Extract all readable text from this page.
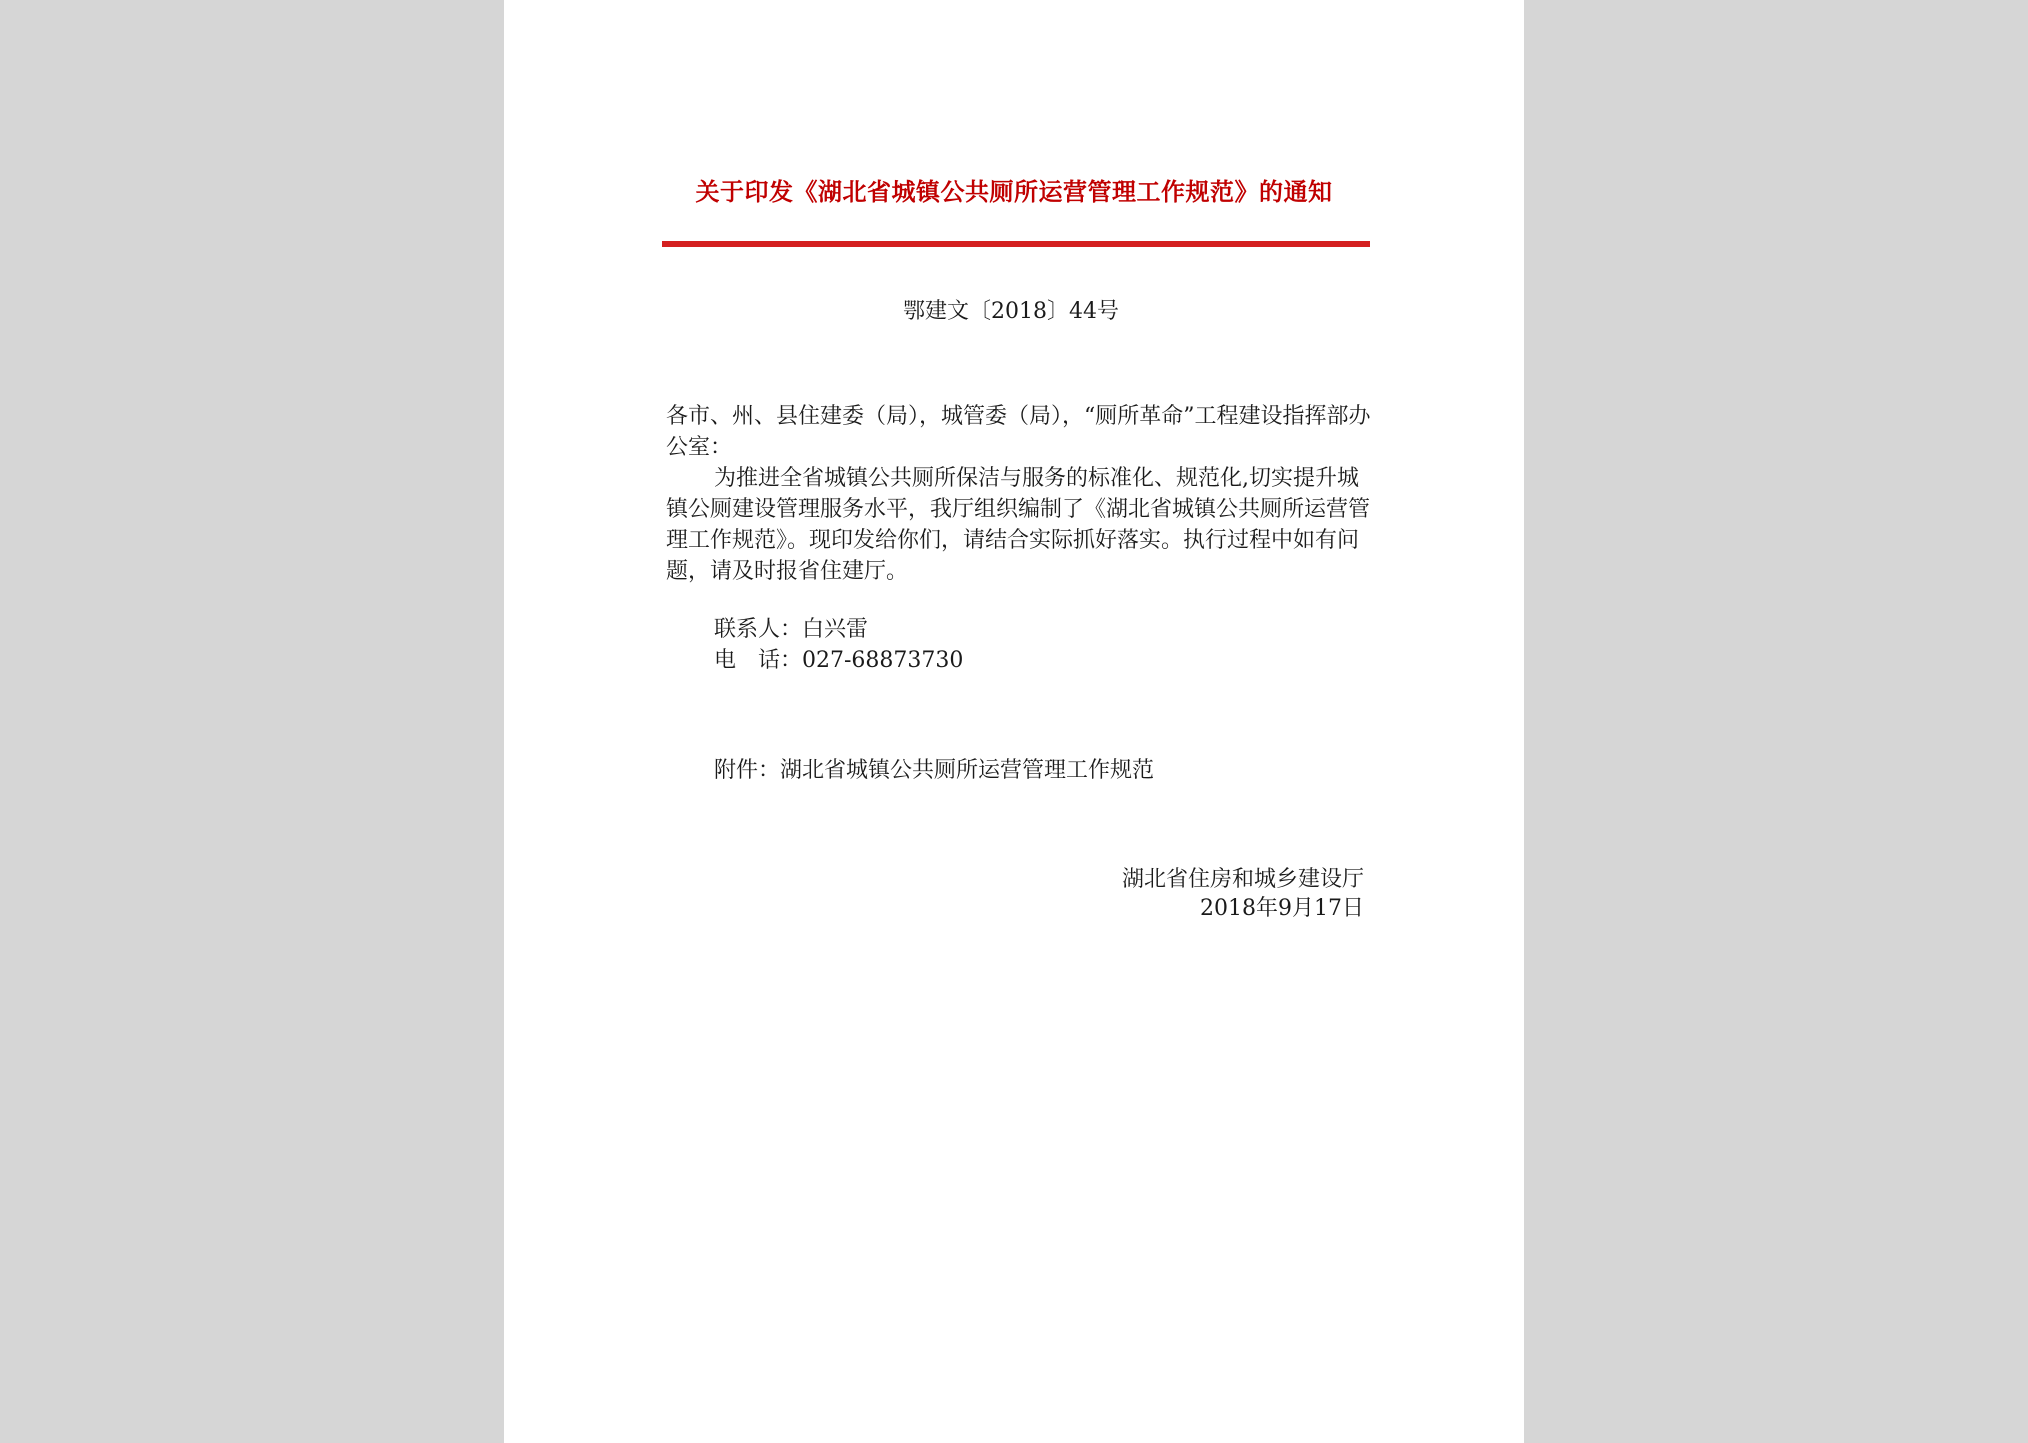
关于印发《湖北省城镇公共厕所运营管理工作规范》的通知
鄂建文〔2018〕44号
各市、州、县住建委（局），城管委（局），“厕所革命”工程建设指挥部办公室：
为推进全省城镇公共厕所保洁与服务的标准化、规范化,切实提升城镇公厕建设管理服务水平，我厅组织编制了《湖北省城镇公共厕所运营管理工作规范》。现印发给你们，请结合实际抓好落实。执行过程中如有问题，请及时报省住建厅。
联系人：白兴雷
电　话：027-68873730
附件：湖北省城镇公共厕所运营管理工作规范
湖北省住房和城乡建设厅
2018年9月17日
